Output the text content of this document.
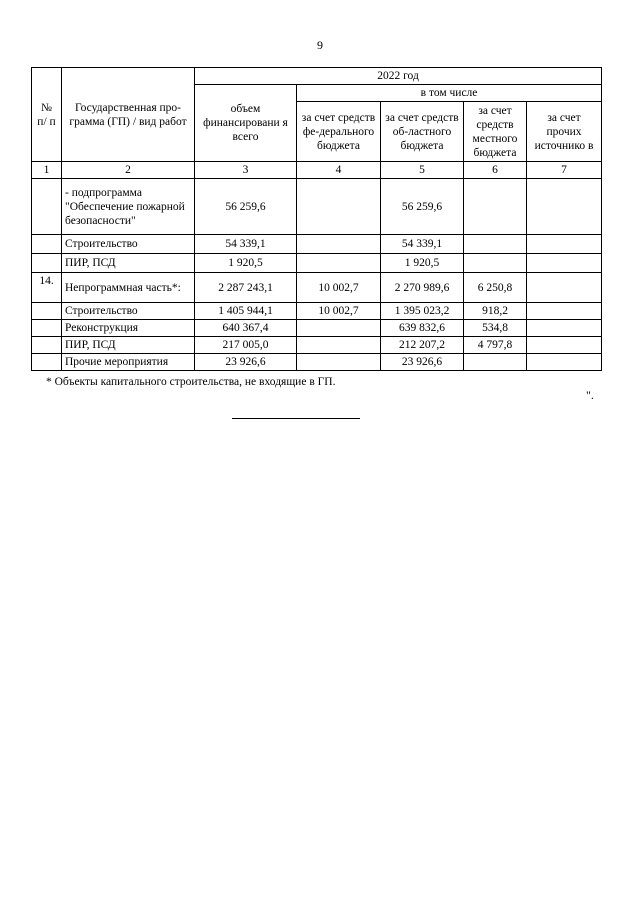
9
№ п/ п	Государственная про-грамма (ГП) / вид работ	2022 год				
		объем финансировани я всего	в том числе			
			за счет средств фе-дерального бюджета	за счет средств об-ластного бюджета	за счет средств местного бюджета	за счет прочих источнико в
1	2	3	4	5	6	7
	- подпрограмма "Обеспечение пожарной безопасности"	56 259,6		56 259,6		
	Строительство	54 339,1		54 339,1		
	ПИР, ПСД	1 920,5		1 920,5		
14.	Непрограммная часть*:	2 287 243,1	10 002,7	2 270 989,6	6 250,8	
	Строительство	1 405 944,1	10 002,7	1 395 023,2	918,2	
	Реконструкция	640 367,4		639 832,6	534,8	
	ПИР, ПСД	217 005,0		212 207,2	4 797,8	
	Прочие мероприятия	23 926,6		23 926,6		
* Объекты капитального строительства, не входящие в ГП.
".
